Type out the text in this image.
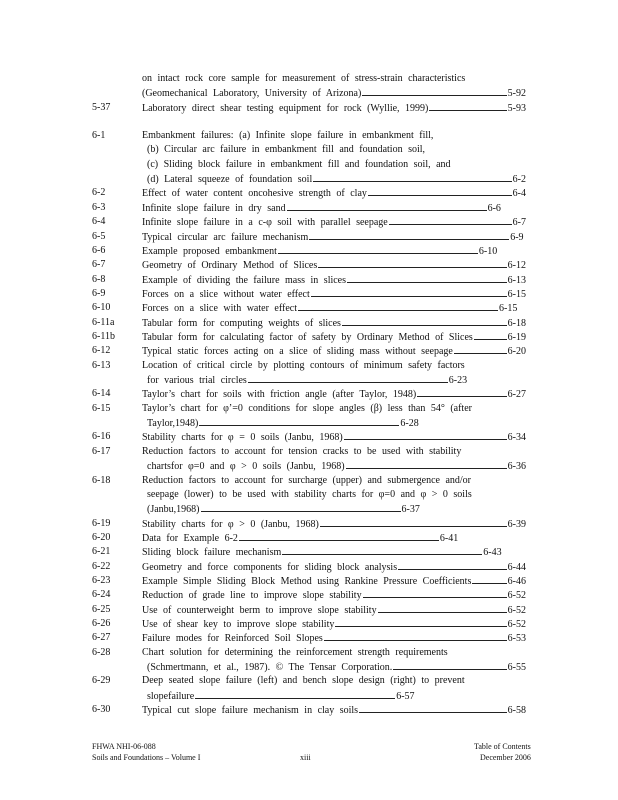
on intact rock core sample for measurement of stress-strain characteristics
(Geomechanical Laboratory, University of Arizona)	5-92
5-37	Laboratory direct shear testing equipment for rock (Wyllie, 1999)	5-93
6-1	Embankment failures: (a) Infinite slope failure in embankment fill,
(b) Circular arc failure in embankment fill and foundation soil,
(c) Sliding block failure in embankment fill and foundation soil, and
(d) Lateral squeeze of foundation soil	6-2
6-2	Effect of water content oncohesive strength of clay	6-4
6-3	Infinite slope failure in dry sand	6-6
6-4	Infinite slope failure in a c-φ soil with parallel seepage	6-7
6-5	Typical circular arc failure mechanism	6-9
6-6	Example proposed embankment	6-10
6-7	Geometry of Ordinary Method of Slices	6-12
6-8	Example of dividing the failure mass in slices	6-13
6-9	Forces on a slice without water effect	6-15
6-10	Forces on a slice with water effect	6-15
6-11a	Tabular form for computing weights of slices	6-18
6-11b	Tabular form for calculating factor of safety by Ordinary Method of Slices	6-19
6-12	Typical static forces acting on a slice of sliding mass without seepage	6-20
6-13	Location of critical circle by plotting contours of minimum safety factors
for various trial circles	6-23
6-14	Taylor’s chart for soils with friction angle (after Taylor, 1948)	6-27
6-15	Taylor’s chart for φ’=0 conditions for slope angles (β) less than 54° (after
Taylor,1948)	6-28
6-16	Stability charts for φ = 0 soils (Janbu, 1968)	6-34
6-17	Reduction factors to account for tension cracks to be used with stability
chartsfor φ=0 and φ > 0 soils (Janbu, 1968)	6-36
6-18	Reduction factors to account for surcharge (upper) and submergence and/or
seepage (lower) to be used with stability charts for φ=0 and φ > 0 soils
(Janbu,1968)	6-37
6-19	Stability charts for φ > 0 (Janbu, 1968)	6-39
6-20	Data for Example 6-2	6-41
6-21	Sliding block failure mechanism	6-43
6-22	Geometry and force components for sliding block analysis	6-44
6-23	Example Simple Sliding Block Method using Rankine Pressure Coefficients	6-46
6-24	Reduction of grade line to improve slope stability	6-52
6-25	Use of counterweight berm to improve slope stability	6-52
6-26	Use of shear key to improve slope stability	6-52
6-27	Failure modes for Reinforced Soil Slopes	6-53
6-28	Chart solution for determining the reinforcement strength requirements
(Schmertmann, et al., 1987). © The Tensar Corporation.	6-55
6-29	Deep seated slope failure (left) and bench slope design (right) to prevent
slopefailure	6-57
6-30	Typical cut slope failure mechanism in clay soils	6-58
FHWA NHI-06-088
Soils and Foundations – Volume I	xiii
Table of Contents
December 2006
